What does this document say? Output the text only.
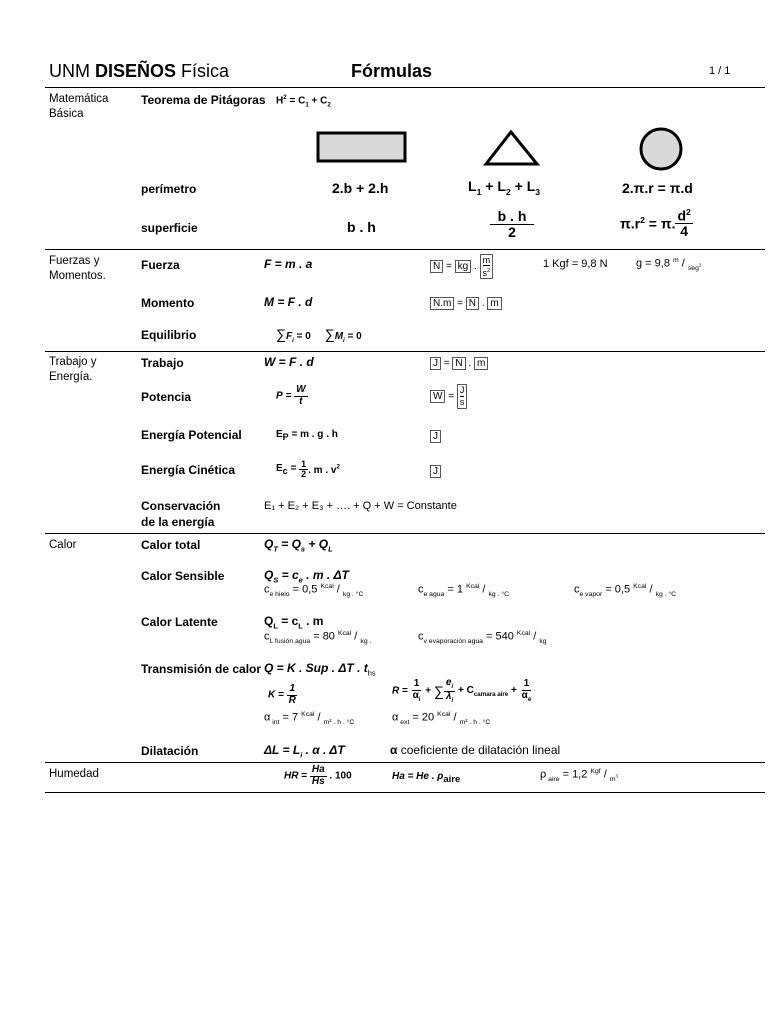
UNM DISEÑOS Física	Fórmulas	1 / 1
Matemática Básica
Teorema de Pitágoras $H^2 = C_1 + C_2$
perímetro	2.b + 2.h	$L_1 + L_2 + L_3$	2.π.r = π.d
superficie	b . h	$\frac{b . h}{2}$	$\pi.r^2 = \pi$. $\frac{d^2}{4}$
Fuerzas y Momentos.
Fuerza	F = m . a	N = kg . $\frac{m}{s^2}$	1 Kgf = 9,8 N	g = 9,8 $^m$ / $_{seg^2}$
Momento	M = F . d	N.m = N . m
Equilibrio	$\sum F_i = 0$ $\sum M_i = 0$
Trabajo y Energía.
Trabajo	W = F . d	J = N . m
Potencia	$P = \frac{W}{t}$	$W = \frac{J}{s}$
Energía Potencial	$E_P = m$ . g . h	J
Energía Cinética	$E_c = \frac{1}{2}$ . m . $v^2$	J
Conservación
de la energía
E₁ + E₂ + E₃ + …. + Q + W = Constante
Calor	Calor total	$Q_T = Q_s + Q_L$
Calor Sensible	$Q_S = c_e$ . m . ΔT
$c_{e hielo} = 0,5$ $^{Kcal}$ / $_{kg . ^\circ C}$	$c_{e agua} = 1$ $^{Kcal}$ / $_{kg . ^\circ C}$	$c_{e vapor} = 0,5$ $^{Kcal}$ / $_{kg . ^\circ C}$
Calor Latente	$Q_L = c_L$ . m
$c_{L fusión agua} = 80$ $^{Kcal}$ / $_{kg .}$	$c_{v evaporación agua} = 540$ $^{Kcal}$ / $_{kg}$
Transmisión de calor Q = K . Sup . ΔT . $t_{hs}$
$K = \frac{1}{R}$	$R = \frac{1}{\alpha_i}$ + ∑ $\frac{e_i}{\lambda_i} + C_{camara aire} + \frac{1}{\alpha_e}$
α $_{int}$ = 7 $^{Kcal}$ / $_{m^2 . h . ^\circ C}$	α $_{ext}$ = 20 $^{Kcal}$ / $_{m^2 . h . ^\circ C}$
Dilatación	$\Delta L = L_i$ . α . ΔT	α coeficiente de dilatación lineal
Humedad	HR = $\frac{Ha}{Hs}$ . 100	Ha = He . $\rho_{aire}$	ρ $_{aire}$ = 1,2 $^{Kgf}$ / $_{m^3}$
